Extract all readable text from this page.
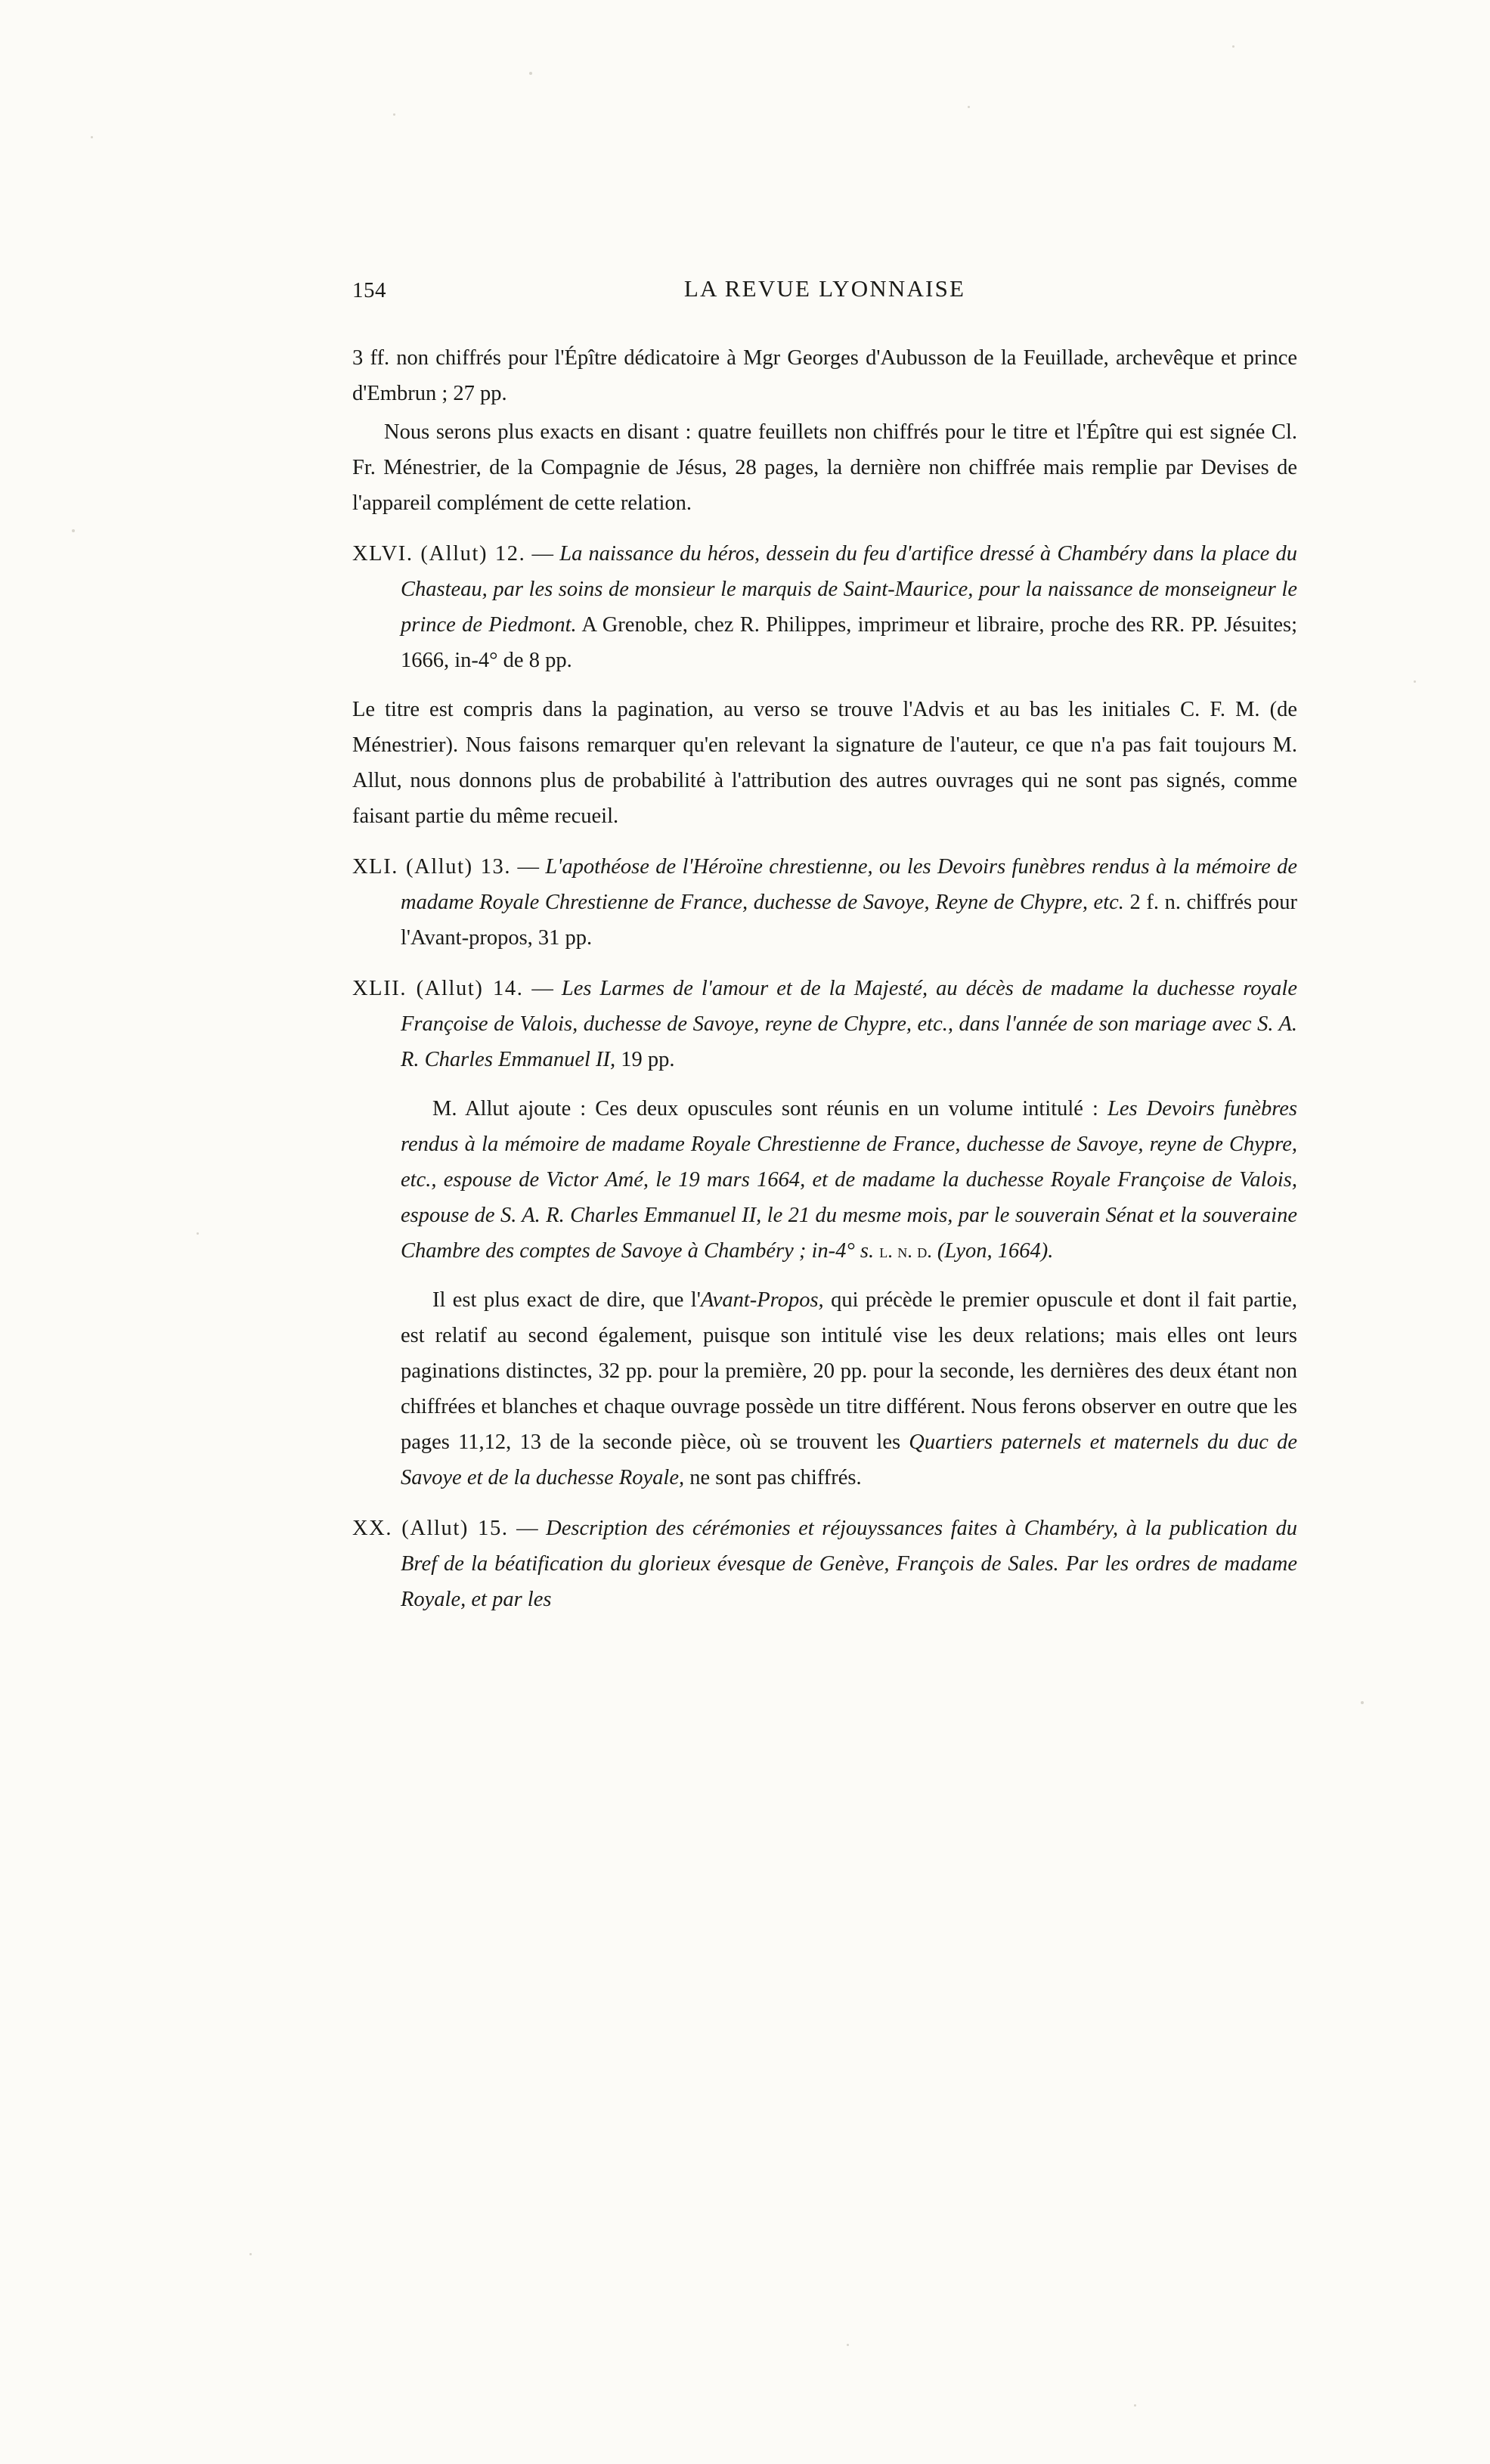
154	LA REVUE LYONNAISE

3 ff. non chiffrés pour l'Épître dédicatoire à Mgr Georges d'Aubusson de la Feuillade, archevêque et prince d'Embrun ; 27 pp.

Nous serons plus exacts en disant : quatre feuillets non chiffrés pour le titre et l'Épître qui est signée Cl. Fr. Ménestrier, de la Compagnie de Jésus, 28 pages, la dernière non chiffrée mais remplie par Devises de l'appareil complément de cette relation.

XLVI. (Allut) 12. — La naissance du héros, dessein du feu d'artifice dressé à Chambéry dans la place du Chasteau, par les soins de monsieur le marquis de Saint-Maurice, pour la naissance de monseigneur le prince de Piedmont. A Grenoble, chez R. Philippes, imprimeur et libraire, proche des RR. PP. Jésuites; 1666, in-4° de 8 pp.

Le titre est compris dans la pagination, au verso se trouve l'Advis et au bas les initiales C. F. M. (de Ménestrier). Nous faisons remarquer qu'en relevant la signature de l'auteur, ce que n'a pas fait toujours M. Allut, nous donnons plus de probabilité à l'attribution des autres ouvrages qui ne sont pas signés, comme faisant partie du même recueil.

XLI. (Allut) 13. — L'apothéose de l'Héroïne chrestienne, ou les Devoirs funèbres rendus à la mémoire de madame Royale Chrestienne de France, duchesse de Savoye, Reyne de Chypre, etc. 2 f. n. chiffrés pour l'Avant-propos, 31 pp.

XLII. (Allut) 14. — Les Larmes de l'amour et de la Majesté, au décès de madame la duchesse royale Françoise de Valois, duchesse de Savoye, reyne de Chypre, etc., dans l'année de son mariage avec S. A. R. Charles Emmanuel II, 19 pp.

M. Allut ajoute : Ces deux opuscules sont réunis en un volume intitulé : Les Devoirs funèbres rendus à la mémoire de madame Royale Chrestienne de France, duchesse de Savoye, reyne de Chypre, etc., espouse de Victor Amé, le 19 mars 1664, et de madame la duchesse Royale Françoise de Valois, espouse de S. A. R. Charles Emmanuel II, le 21 du mesme mois, par le souverain Sénat et la souveraine Chambre des comptes de Savoye à Chambéry ; in-4° s. l. n. d. (Lyon, 1664).

Il est plus exact de dire, que l'Avant-Propos, qui précède le premier opuscule et dont il fait partie, est relatif au second également, puisque son intitulé vise les deux relations; mais elles ont leurs paginations distinctes, 32 pp. pour la première, 20 pp. pour la seconde, les dernières des deux étant non chiffrées et blanches et chaque ouvrage possède un titre différent. Nous ferons observer en outre que les pages 11,12, 13 de la seconde pièce, où se trouvent les Quartiers paternels et maternels du duc de Savoye et de la duchesse Royale, ne sont pas chiffrés.

XX. (Allut) 15. — Description des cérémonies et réjouyssances faites à Chambéry, à la publication du Bref de la béatification du glorieux évesque de Genève, François de Sales. Par les ordres de madame Royale, et par les
